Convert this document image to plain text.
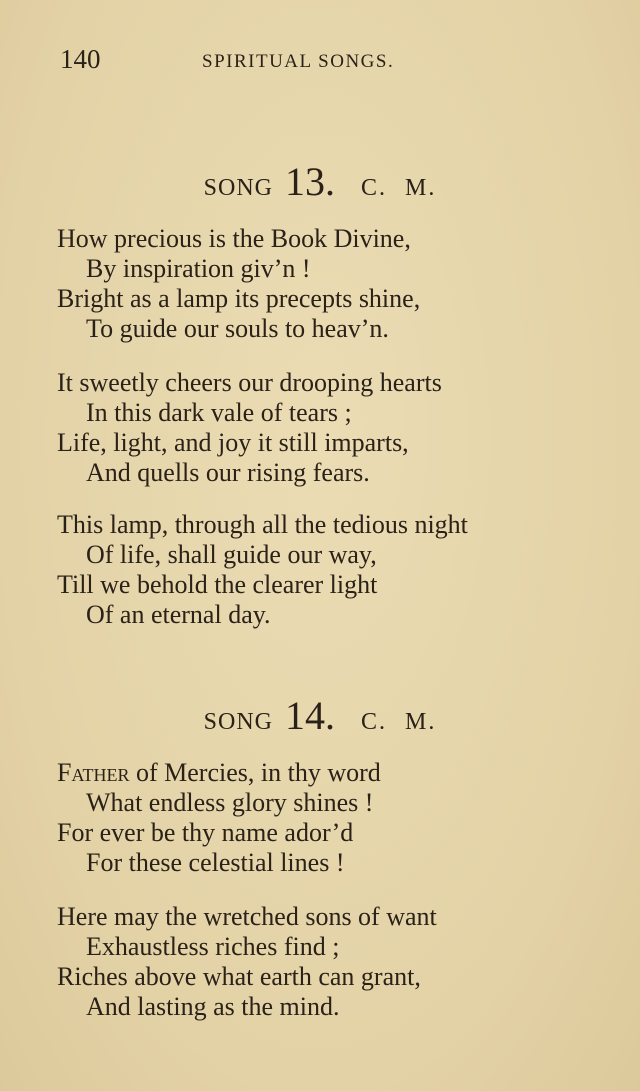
140	SPIRITUAL SONGS.
SONG 13. C. M.
How precious is the Book Divine,
By inspiration giv’n !
Bright as a lamp its precepts shine,
To guide our souls to heav’n.
It sweetly cheers our drooping hearts
In this dark vale of tears ;
Life, light, and joy it still imparts,
And quells our rising fears.
This lamp, through all the tedious night
Of life, shall guide our way,
Till we behold the clearer light
Of an eternal day.
SONG 14. C. M.
Father of Mercies, in thy word
What endless glory shines !
For ever be thy name ador’d
For these celestial lines !
Here may the wretched sons of want
Exhaustless riches find ;
Riches above what earth can grant,
And lasting as the mind.
